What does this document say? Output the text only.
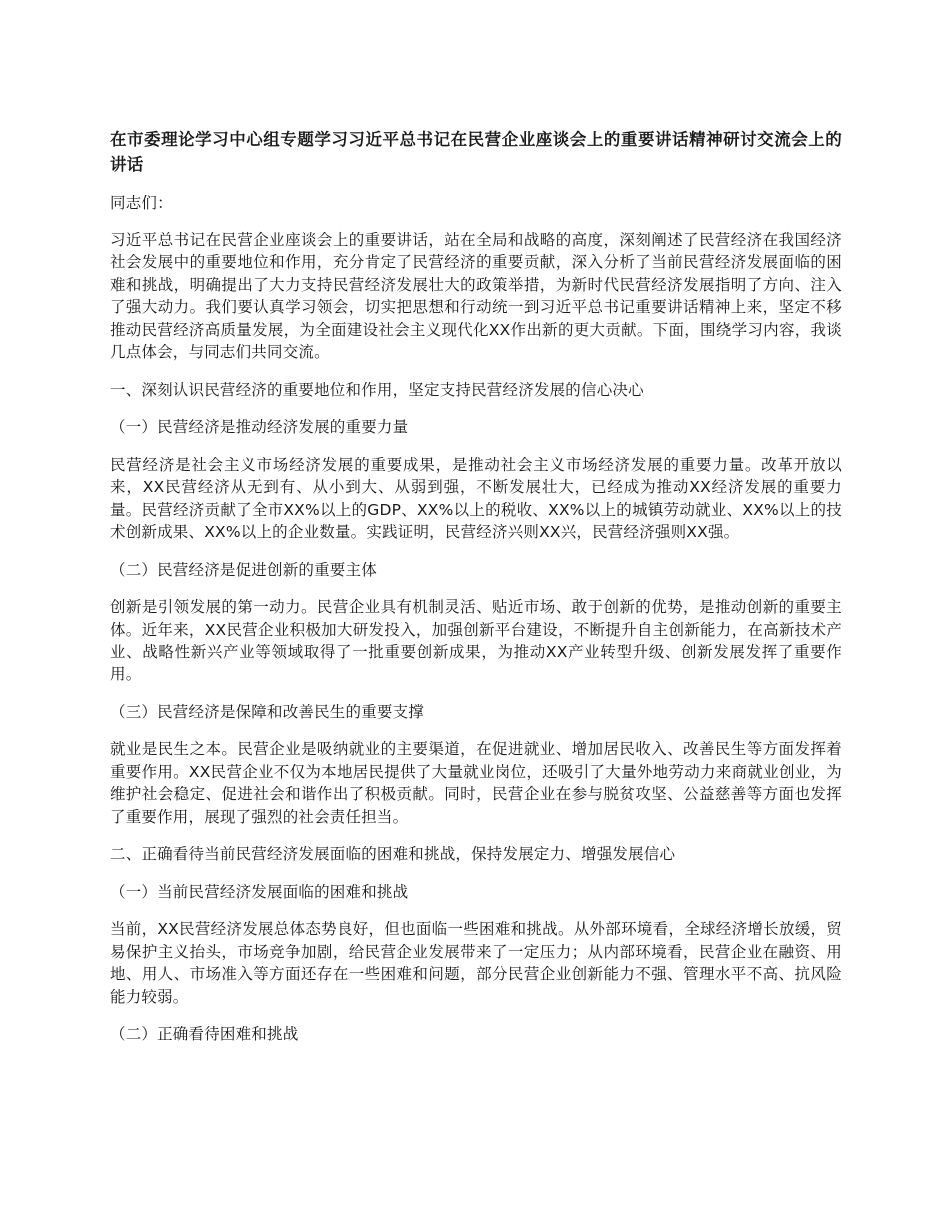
在市委理论学习中心组专题学习习近平总书记在民营企业座谈会上的重要讲话精神研讨交流会上的讲话

同志们：

习近平总书记在民营企业座谈会上的重要讲话，站在全局和战略的高度，深刻阐述了民营经济在我国经济社会发展中的重要地位和作用，充分肯定了民营经济的重要贡献，深入分析了当前民营经济发展面临的困难和挑战，明确提出了大力支持民营经济发展壮大的政策举措，为新时代民营经济发展指明了方向、注入了强大动力。我们要认真学习领会，切实把思想和行动统一到习近平总书记重要讲话精神上来，坚定不移推动民营经济高质量发展，为全面建设社会主义现代化XX作出新的更大贡献。下面，围绕学习内容，我谈几点体会，与同志们共同交流。

一、深刻认识民营经济的重要地位和作用，坚定支持民营经济发展的信心决心

（一）民营经济是推动经济发展的重要力量

民营经济是社会主义市场经济发展的重要成果，是推动社会主义市场经济发展的重要力量。改革开放以来，XX民营经济从无到有、从小到大、从弱到强，不断发展壮大，已经成为推动XX经济发展的重要力量。民营经济贡献了全市XX%以上的GDP、XX%以上的税收、XX%以上的城镇劳动就业、XX%以上的技术创新成果、XX%以上的企业数量。实践证明，民营经济兴则XX兴，民营经济强则XX强。

（二）民营经济是促进创新的重要主体

创新是引领发展的第一动力。民营企业具有机制灵活、贴近市场、敢于创新的优势，是推动创新的重要主体。近年来，XX民营企业积极加大研发投入，加强创新平台建设，不断提升自主创新能力，在高新技术产业、战略性新兴产业等领域取得了一批重要创新成果，为推动XX产业转型升级、创新发展发挥了重要作用。

（三）民营经济是保障和改善民生的重要支撑

就业是民生之本。民营企业是吸纳就业的主要渠道，在促进就业、增加居民收入、改善民生等方面发挥着重要作用。XX民营企业不仅为本地居民提供了大量就业岗位，还吸引了大量外地劳动力来商就业创业，为维护社会稳定、促进社会和谐作出了积极贡献。同时，民营企业在参与脱贫攻坚、公益慈善等方面也发挥了重要作用，展现了强烈的社会责任担当。

二、正确看待当前民营经济发展面临的困难和挑战，保持发展定力、增强发展信心

（一）当前民营经济发展面临的困难和挑战

当前，XX民营经济发展总体态势良好，但也面临一些困难和挑战。从外部环境看，全球经济增长放缓，贸易保护主义抬头，市场竞争加剧，给民营企业发展带来了一定压力；从内部环境看，民营企业在融资、用地、用人、市场准入等方面还存在一些困难和问题，部分民营企业创新能力不强、管理水平不高、抗风险能力较弱。

（二）正确看待困难和挑战
